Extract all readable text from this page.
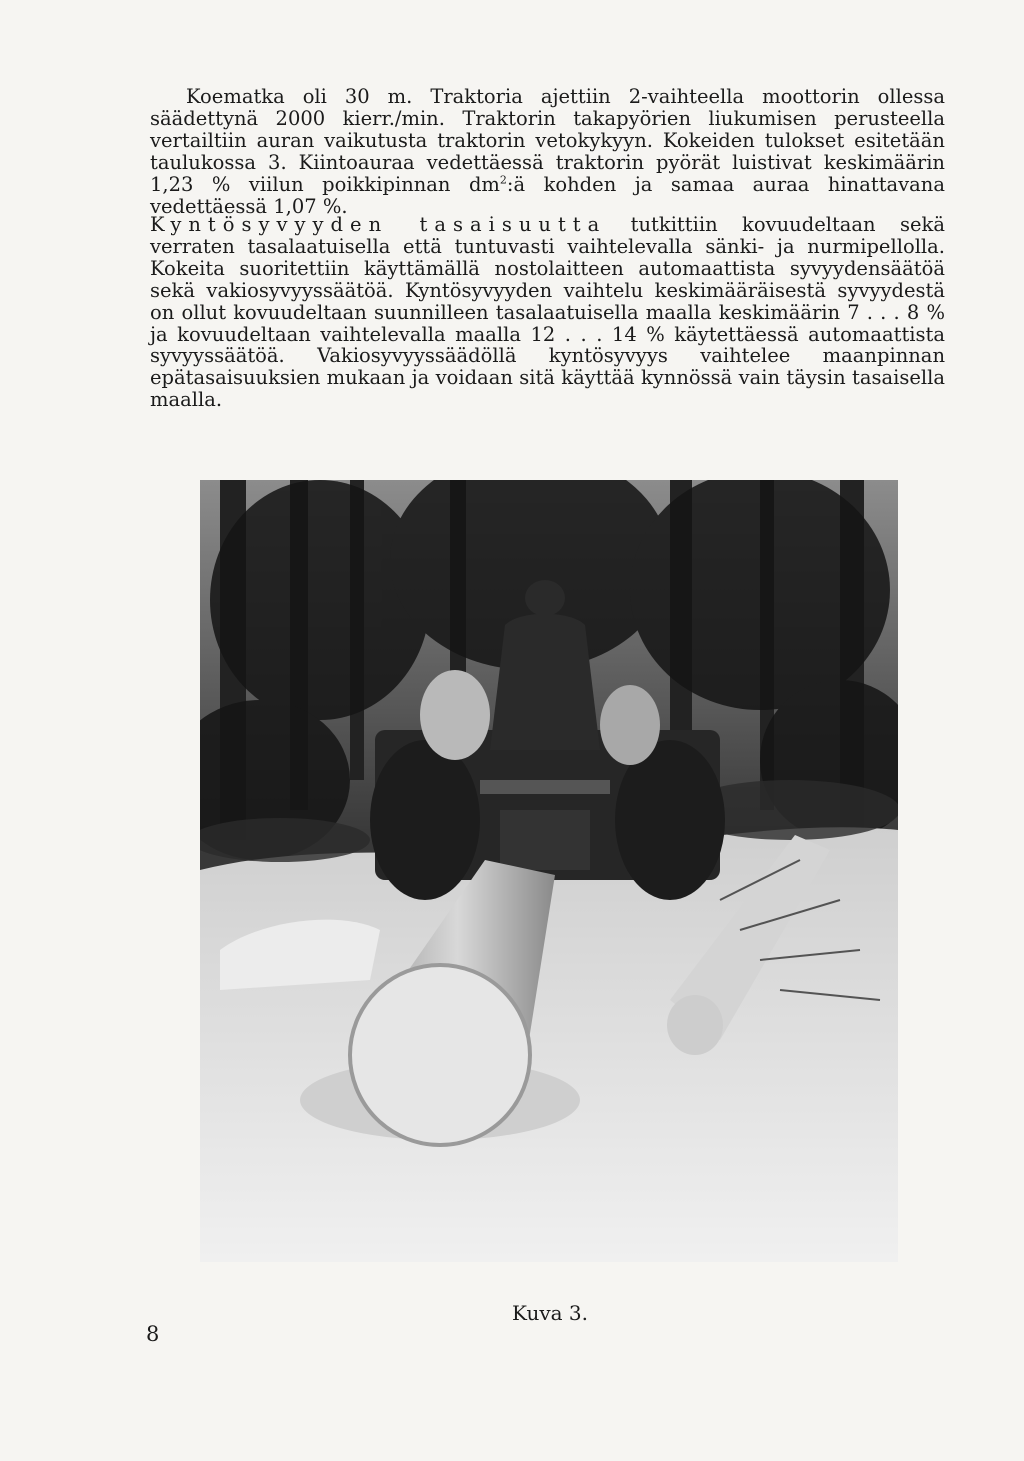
Koematka oli 30 m. Traktoria ajettiin 2-vaihteella moottorin ollessa säädettynä 2000 kierr./min. Traktorin takapyörien liukumisen perusteella vertailtiin auran vaikutusta traktorin vetokykyyn. Kokeiden tulokset esitetään taulukossa 3. Kiintoauraa vedettäessä traktorin pyörät luistivat keskimäärin 1,23 % viilun poikkipinnan $dm^2:ä$ kohden ja samaa auraa hinattavana vedettäessä 1,07 %.

Kyntösyvyyden tasaisuutta tutkittiin kovuudeltaan sekä verraten tasalaatuisella että tuntuvasti vaihtelevalla sänki- ja nurmipellolla. Kokeita suoritettiin käyttämällä nostolaitteen automaattista syvyydensäätöä sekä vakiosyvyyssäätöä. Kyntösyvyyden vaihtelu keskimääräisestä syvyydestä on ollut kovuudeltaan suunnilleen tasalaatuisella maalla keskimäärin 7 . . . 8 % ja kovuudeltaan vaihtelevalla maalla 12 . . . 14 % käytettäessä automaattista syvyyssäätöä. Vakiosyvyyssäädöllä kyntösyvyys vaihtelee maanpinnan epätasaisuuksien mukaan ja voidaan sitä käyttää kynnössä vain täysin tasaisella maalla.

Kuva 3.
8
